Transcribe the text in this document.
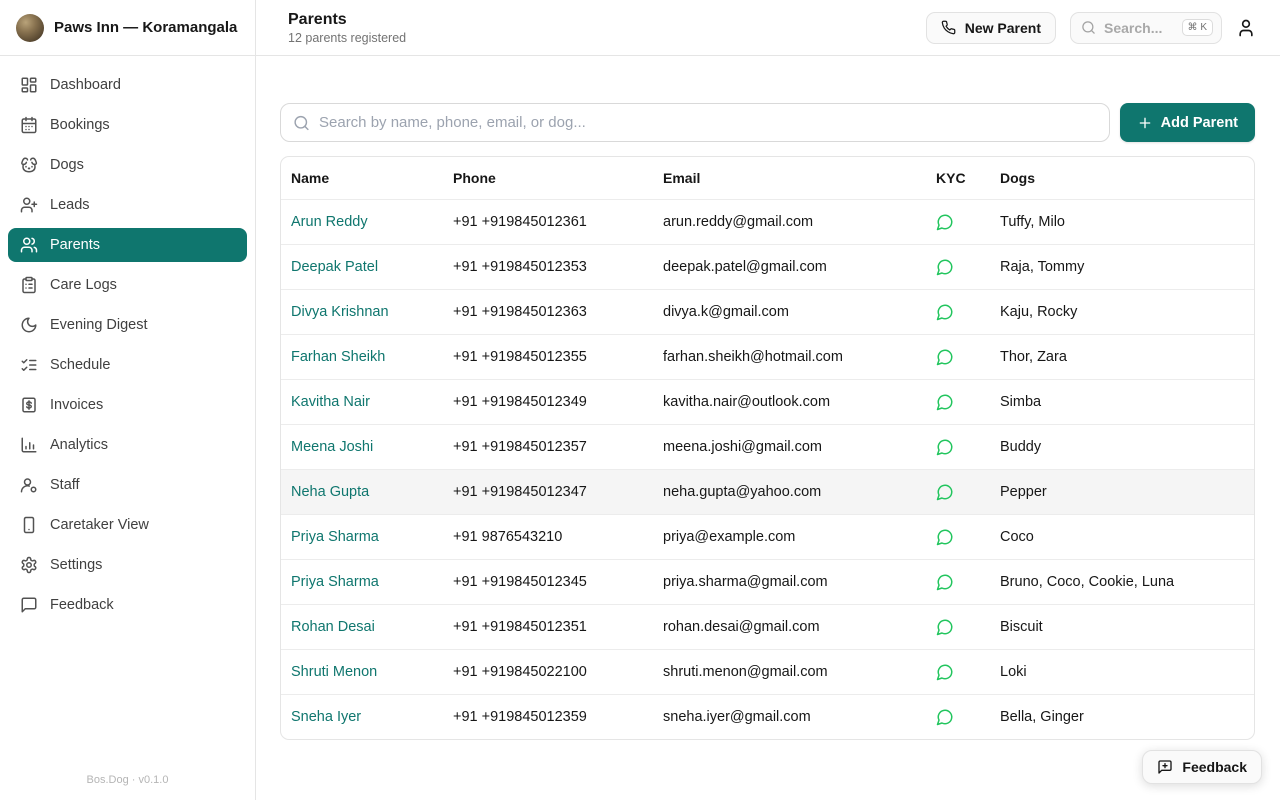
Paws Inn — Koramangala
Dashboard
Bookings
Dogs
Leads
Parents
Care Logs
Evening Digest
Schedule
Invoices
Analytics
Staff
Caretaker View
Settings
Feedback
Bos.Dog · v0.1.0
Parents
12 parents registered
New Parent	Search...	⌘ K
Search by name, phone, email, or dog...
Add Parent
Name	Phone	Email	KYC	Dogs
Arun Reddy	+91 +919845012361	arun.reddy@gmail.com	Tuffy, Milo
Deepak Patel	+91 +919845012353	deepak.patel@gmail.com	Raja, Tommy
Divya Krishnan	+91 +919845012363	divya.k@gmail.com	Kaju, Rocky
Farhan Sheikh	+91 +919845012355	farhan.sheikh@hotmail.com	Thor, Zara
Kavitha Nair	+91 +919845012349	kavitha.nair@outlook.com	Simba
Meena Joshi	+91 +919845012357	meena.joshi@gmail.com	Buddy
Neha Gupta	+91 +919845012347	neha.gupta@yahoo.com	Pepper
Priya Sharma	+91 9876543210	priya@example.com	Coco
Priya Sharma	+91 +919845012345	priya.sharma@gmail.com	Bruno, Coco, Cookie, Luna
Rohan Desai	+91 +919845012351	rohan.desai@gmail.com	Biscuit
Shruti Menon	+91 +919845022100	shruti.menon@gmail.com	Loki
Sneha Iyer	+91 +919845012359	sneha.iyer@gmail.com	Bella, Ginger
Feedback
